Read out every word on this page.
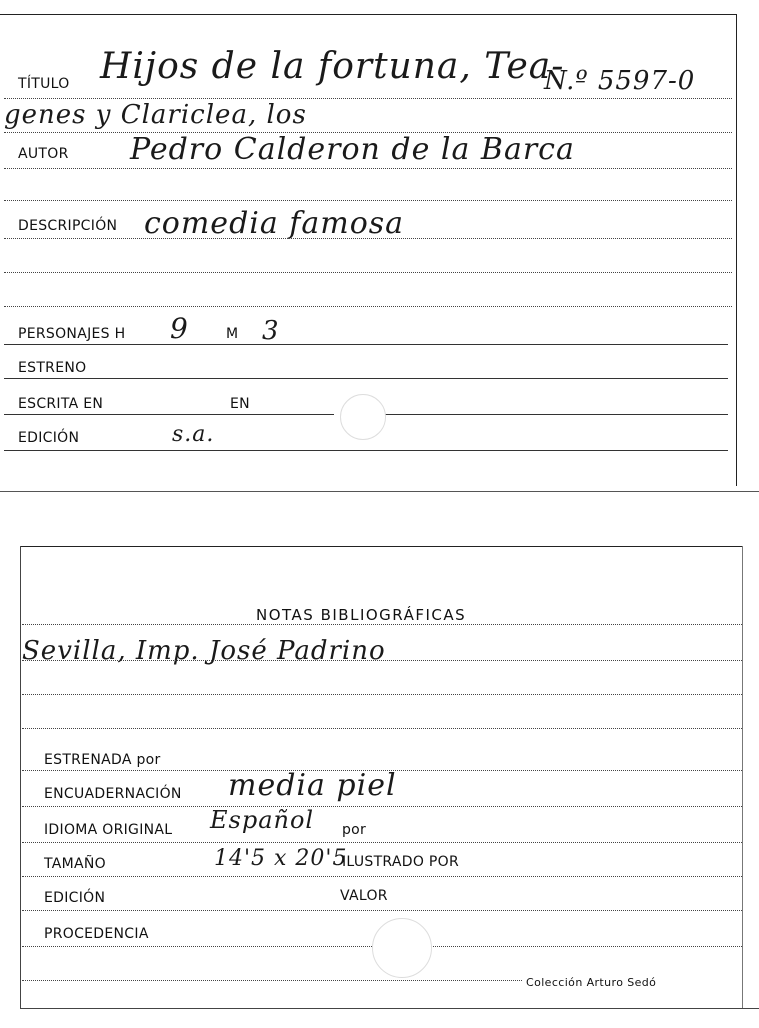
TÍTULO Hijos de la fortuna, Tea-
N.º 5597-0
genes y Clariclea, los
AUTOR Pedro Calderon de la Barca
DESCRIPCIÓN comedia famosa
PERSONAJES H 9	M 3
ESTRENO
ESCRITA EN	EN
EDICIÓN	s.a.
NOTAS BIBLIOGRÁFICAS
Sevilla, Imp. José Padrino
ESTRENADA por
ENCUADERNACIÓN media piel
IDIOMA ORIGINAL Español por
TAMAÑO	14'5 x 20'5
ILUSTRADO POR
EDICIÓN	VALOR
PROCEDENCIA
Colección Arturo Sedó
